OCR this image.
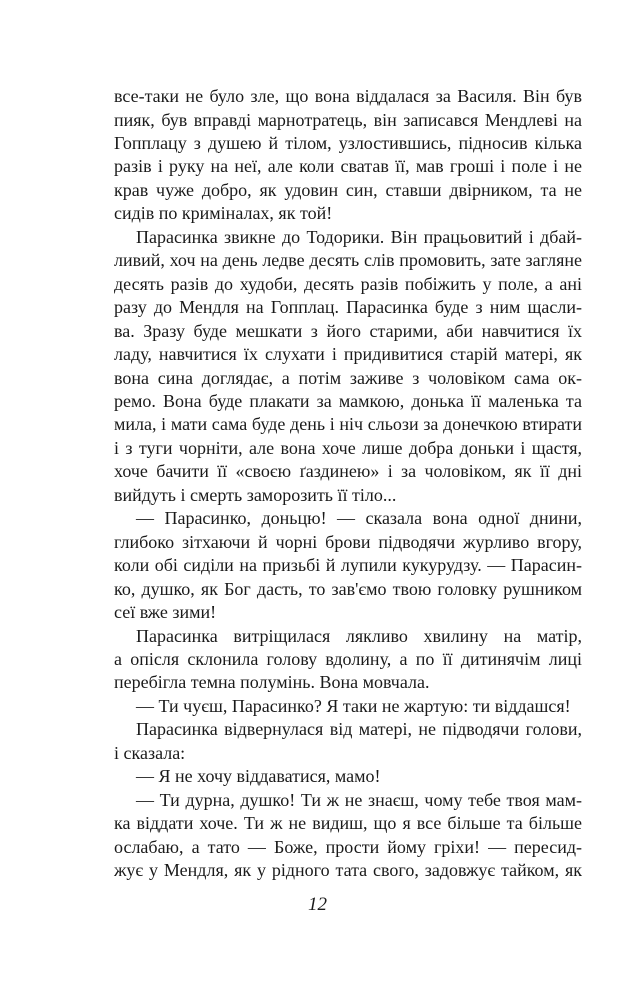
все-таки не було зле, що вона віддалася за Василя. Він був
пияк, був вправді марнотратець, він записався Мендлеві на
Гопплацу з душею й тілом, узлостившись, підносив кілька
разів і руку на неї, але коли сватав її, мав гроші і поле і не
крав чуже добро, як удовин син, ставши двірником, та не
сидів по криміналах, як той!
Парасинка звикне до Тодорики. Він працьовитий і дбай-
ливий, хоч на день ледве десять слів промовить, зате загляне
десять разів до худоби, десять разів побіжить у поле, а ані
разу до Мендля на Гопплац. Парасинка буде з ним щасли-
ва. Зразу буде мешкати з його старими, аби навчитися їх
ладу, навчитися їх слухати і придивитися старій матері, як
вона сина доглядає, а потім заживе з чоловіком сама ок-
ремо. Вона буде плакати за мамкою, донька її маленька та
мила, і мати сама буде день і ніч сльози за донечкою втирати
і з туги чорніти, але вона хоче лише добра доньки і щастя,
хоче бачити її «своєю ґаздинею» і за чоловіком, як її дні
вийдуть і смерть заморозить її тіло...
— Парасинко, доньцю! — сказала вона одної днини,
глибоко зітхаючи й чорні брови підводячи журливо вгору,
коли обі сиділи на призьбі й лупили кукурудзу. — Парасин-
ко, душко, як Бог дасть, то зав'ємо твою головку рушником
сеї вже зими!
Парасинка витріщилася лякливо хвилину на матір,
а опісля склонила голову вдолину, а по її дитинячім лиці
перебігла темна полумінь. Вона мовчала.
— Ти чуєш, Парасинко? Я таки не жартую: ти віддашся!
Парасинка відвернулася від матері, не підводячи голови,
і сказала:
— Я не хочу віддаватися, мамо!
— Ти дурна, душко! Ти ж не знаєш, чому тебе твоя мам-
ка віддати хоче. Ти ж не видиш, що я все більше та більше
ослабаю, а тато — Боже, прости йому гріхи! — пересид-
жує у Мендля, як у рідного тата свого, задовжує тайком, як
12
